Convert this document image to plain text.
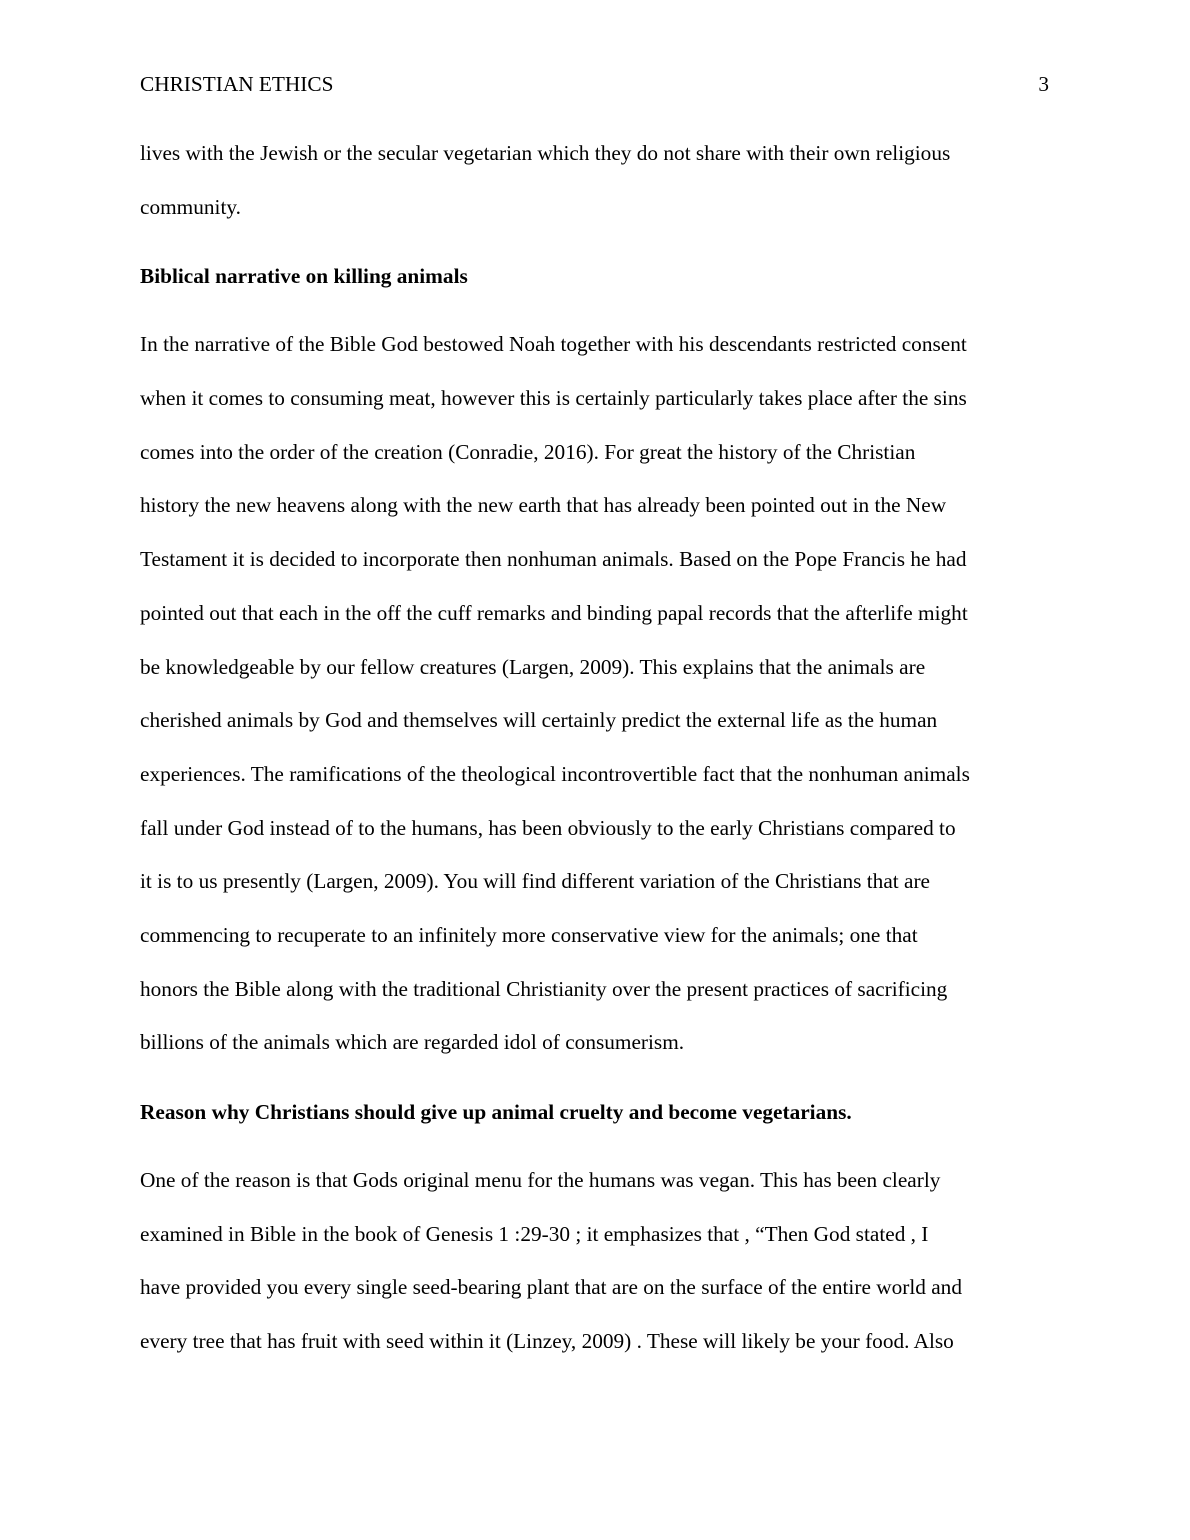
CHRISTIAN ETHICS	3
lives with the Jewish or the secular vegetarian which they do not share with their own religious
community.
Biblical narrative on killing animals
In the narrative of the Bible God bestowed Noah together with his descendants restricted consent
when it comes to consuming meat, however this is certainly particularly takes place after the sins
comes into the order of the creation (Conradie, 2016). For great the history of the Christian
history the new heavens along with the new earth that has already been pointed out in the New
Testament it is decided to incorporate then nonhuman animals. Based on the Pope Francis he had
pointed out that each in the off the cuff remarks and binding papal records that the afterlife might
be knowledgeable by our fellow creatures (Largen, 2009). This explains that the animals are
cherished animals by God and themselves will certainly predict the external life as the human
experiences. The ramifications of the theological incontrovertible fact that the nonhuman animals
fall under God instead of to the humans, has been obviously to the early Christians compared to
it is to us presently (Largen, 2009). You will find different variation of the Christians that are
commencing to recuperate to an infinitely more conservative view for the animals; one that
honors the Bible along with the traditional Christianity over the present practices of sacrificing
billions of the animals which are regarded idol of consumerism.
Reason why Christians should give up animal cruelty and become vegetarians.
One of the reason is that Gods original menu for the humans was vegan. This has been clearly
examined in Bible in the book of Genesis 1 :29-30 ; it emphasizes that , “Then God stated , I
have provided you every single seed-bearing plant that are on the surface of the entire world and
every tree that has fruit with seed within it (Linzey, 2009) . These will likely be your food. Also
